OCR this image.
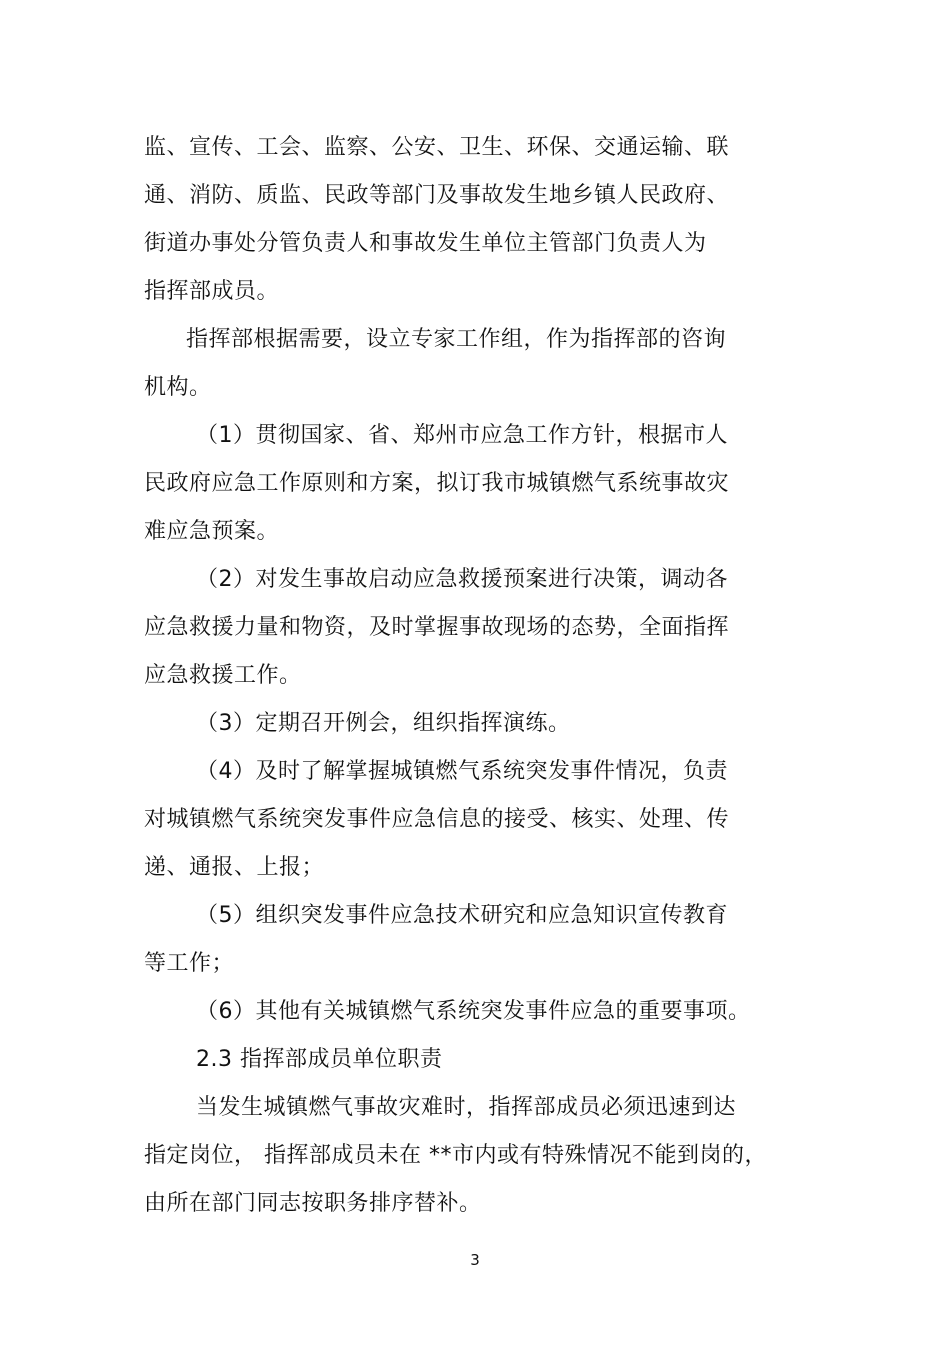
监、宣传、工会、监察、公安、卫生、环保、交通运输、联
通、消防、质监、民政等部门及事故发生地乡镇人民政府、
街道办事处分管负责人和事故发生单位主管部门负责人为
指挥部成员。
指挥部根据需要，设立专家工作组，作为指挥部的咨询
机构。
（1）贯彻国家、省、郑州市应急工作方针，根据市人
民政府应急工作原则和方案，拟订我市城镇燃气系统事故灾
难应急预案。
（2）对发生事故启动应急救援预案进行决策，调动各
应急救援力量和物资，及时掌握事故现场的态势，全面指挥
应急救援工作。
（3）定期召开例会，组织指挥演练。
（4）及时了解掌握城镇燃气系统突发事件情况，负责
对城镇燃气系统突发事件应急信息的接受、核实、处理、传
递、通报、上报；
（5）组织突发事件应急技术研究和应急知识宣传教育
等工作；
（6）其他有关城镇燃气系统突发事件应急的重要事项。
2.3 指挥部成员单位职责
当发生城镇燃气事故灾难时，指挥部成员必须迅速到达
指定岗位， 指挥部成员未在 **市内或有特殊情况不能到岗的，
由所在部门同志按职务排序替补。
3
